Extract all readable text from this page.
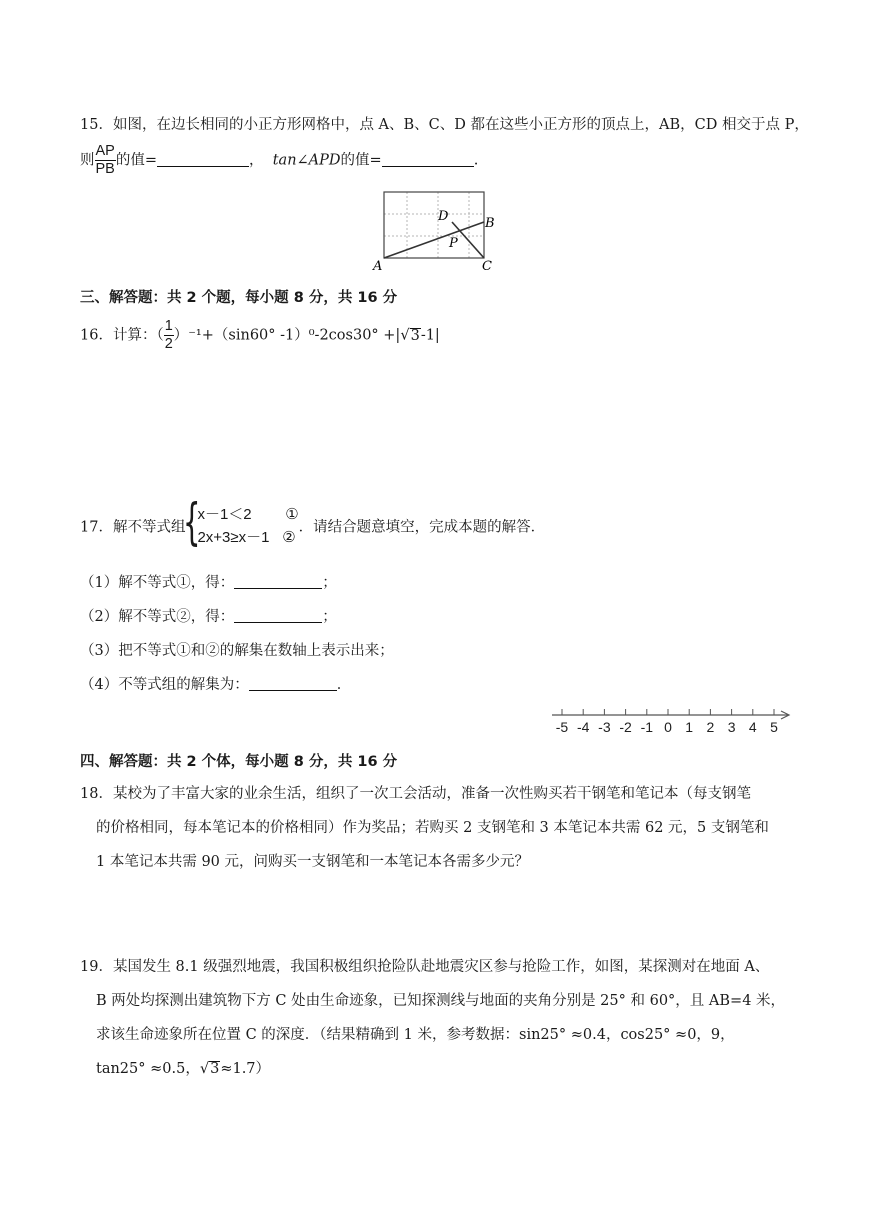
15．如图，在边长相同的小正方形网格中，点 A、B、C、D 都在这些小正方形的顶点上，AB，CD 相交于点 P，
则 $\frac{AP}{PB}$ 的值=	， tan∠APD的值=	.
A
B
C
D
P
三、解答题：共 2 个题，每小题 8 分，共 16 分
16．计算：（ $\frac{1}{2} )^{-1}+(\sin 60^\circ$ -1）⁰-2cos30° +|√3-1|
17．解不等式组
{
x－1＜2 ①
2x+3≥x－1 ②
．请结合题意填空，完成本题的解答．
（1）解不等式①，得：	；
（2）解不等式②，得：	；
（3）把不等式①和②的解集在数轴上表示出来；
（4）不等式组的解集为：	．
-5 -4 -3 -2 -1 0 1 2 3 4 5
四、解答题：共 2 个体，每小题 8 分，共 16 分
18．某校为了丰富大家的业余生活，组织了一次工会活动，准备一次性购买若干钢笔和笔记本（每支钢笔
的价格相同，每本笔记本的价格相同）作为奖品；若购买 2 支钢笔和 3 本笔记本共需 62 元，5 支钢笔和
1 本笔记本共需 90 元，问购买一支钢笔和一本笔记本各需多少元？
19．某国发生 8.1 级强烈地震，我国积极组织抢险队赴地震灾区参与抢险工作，如图，某探测对在地面 A、
B 两处均探测出建筑物下方 C 处由生命迹象，已知探测线与地面的夹角分别是 25° 和 60°，且 AB=4 米，
求该生命迹象所在位置 C 的深度．（结果精确到 1 米，参考数据：sin25° ≈0.4，cos25° ≈0，9，
tan25° ≈0.5，√3≈1.7）
